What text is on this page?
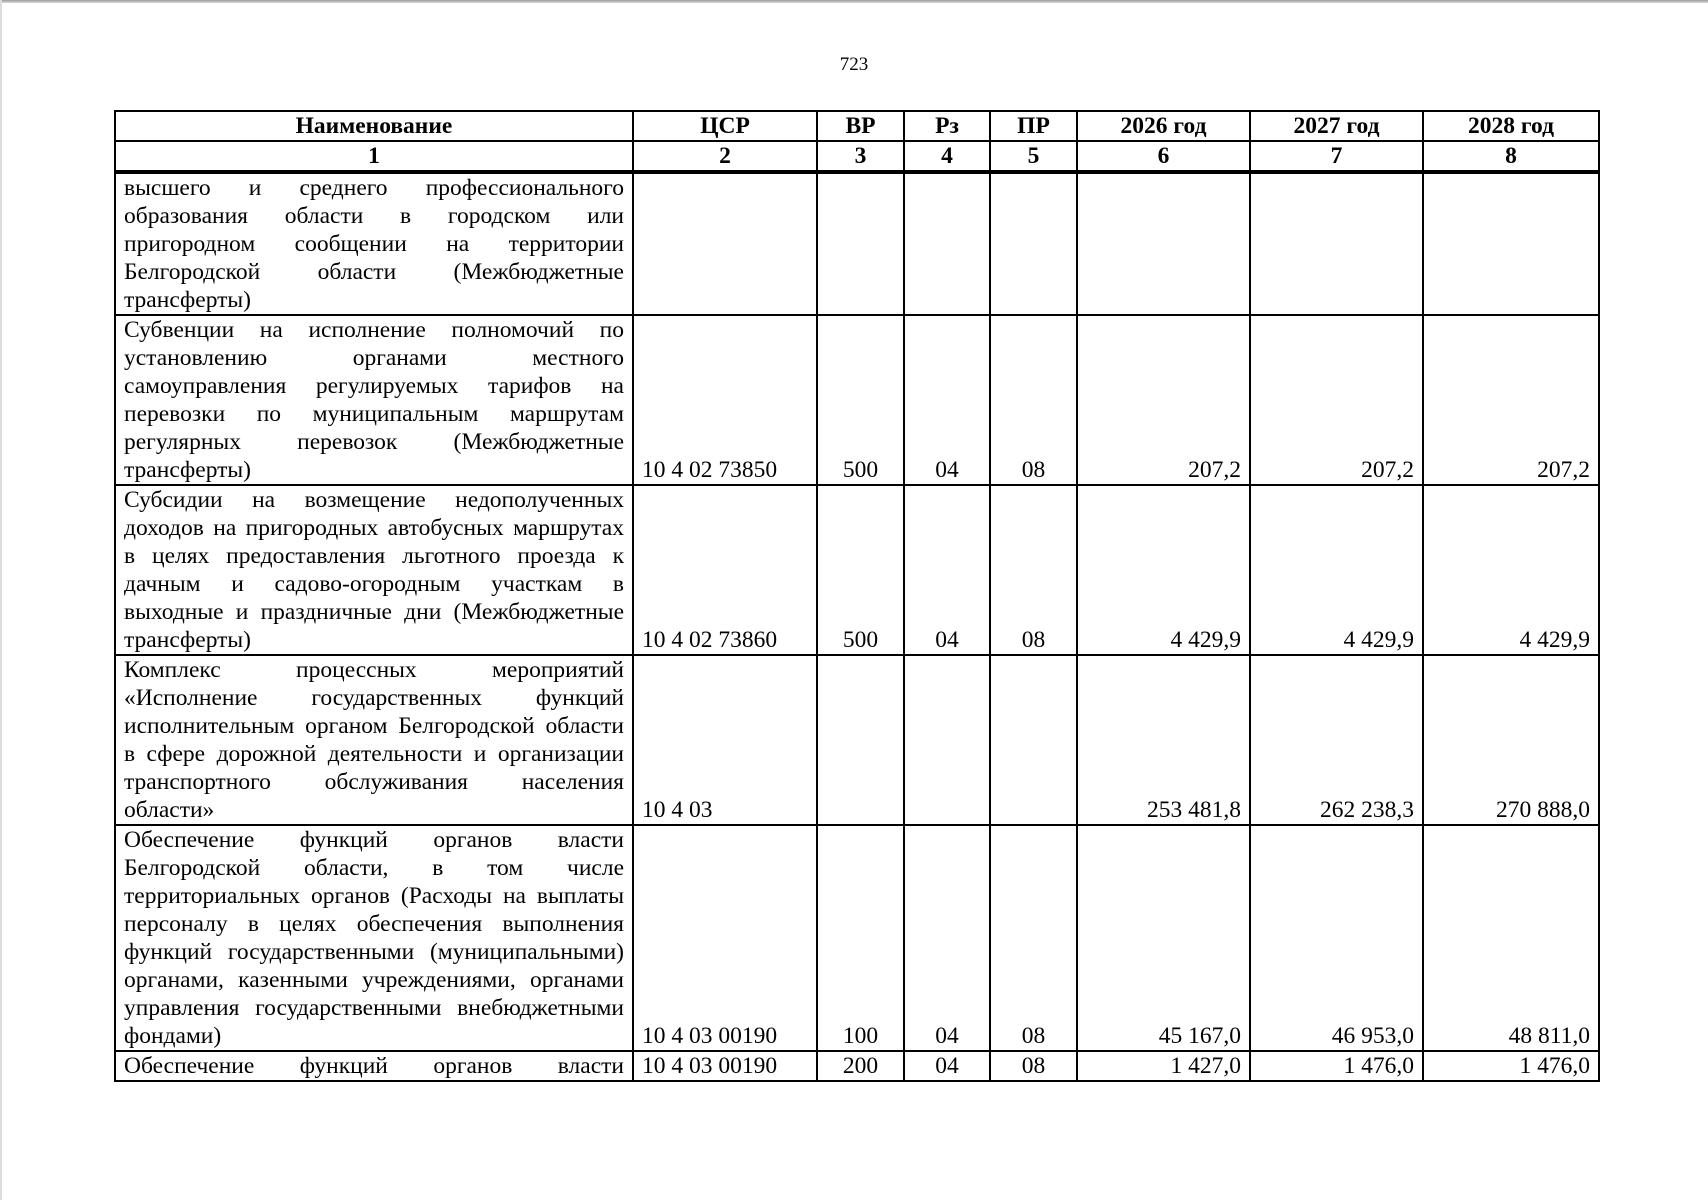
723
Наименование	ЦСР	ВР	Рз	ПР	2026 год	2027 год	2028 год
1	2	3	4	5	6	7	8
высшего и среднего профессионального образования области в городском или пригородном сообщении на территории Белгородской области (Межбюджетные трансферты)							
Субвенции на исполнение полномочий по установлению органами местного самоуправления регулируемых тарифов на перевозки по муниципальным маршрутам регулярных перевозок (Межбюджетные трансферты)	10 4 02 73850	500	04	08	207,2	207,2	207,2
Субсидии на возмещение недополученных доходов на пригородных автобусных маршрутах в целях предоставления льготного проезда к дачным и садово-огородным участкам в выходные и праздничные дни (Межбюджетные трансферты)	10 4 02 73860	500	04	08	4 429,9	4 429,9	4 429,9
Комплекс процессных мероприятий «Исполнение государственных функций исполнительным органом Белгородской области в сфере дорожной деятельности и организации транспортного обслуживания населения области»	10 4 03				253 481,8	262 238,3	270 888,0
Обеспечение функций органов власти Белгородской области, в том числе территориальных органов (Расходы на выплаты персоналу в целях обеспечения выполнения функций государственными (муниципальными) органами, казенными учреждениями, органами управления государственными внебюджетными фондами)	10 4 03 00190	100	04	08	45 167,0	46 953,0	48 811,0
Обеспечение функций органов власти	10 4 03 00190	200	04	08	1 427,0	1 476,0	1 476,0
